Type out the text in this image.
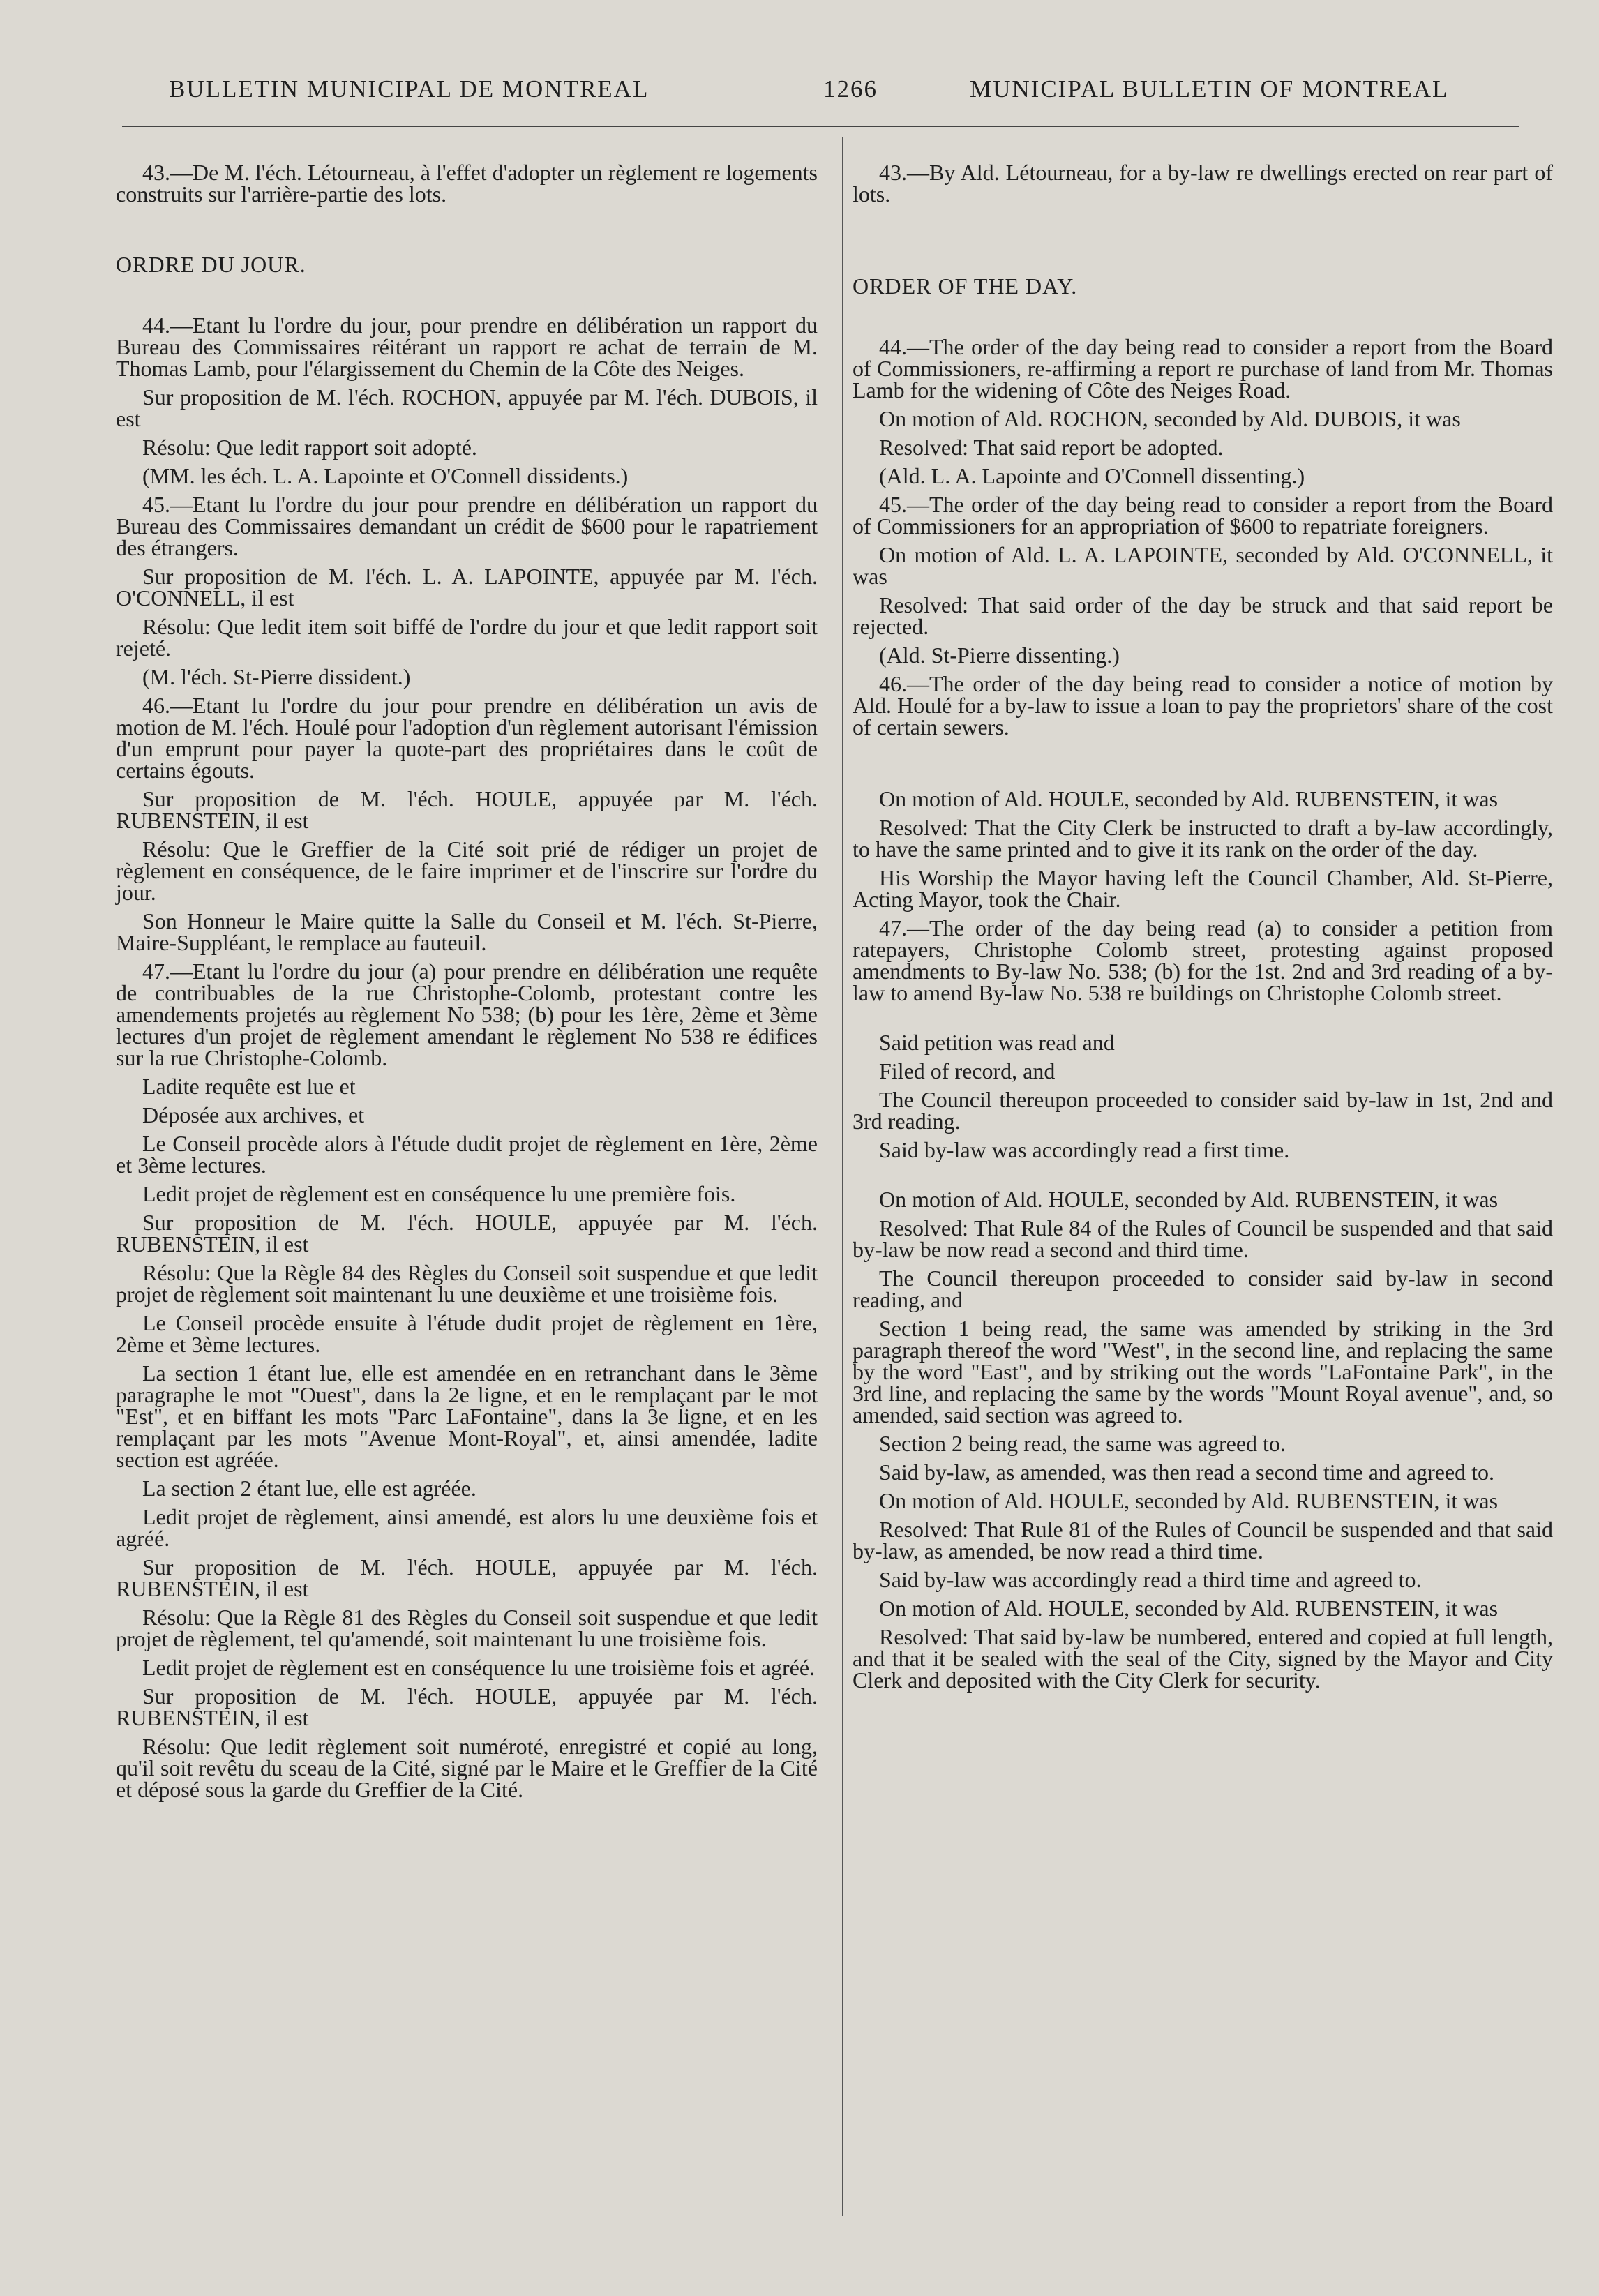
BULLETIN MUNICIPAL DE MONTREAL	1266	MUNICIPAL BULLETIN OF MONTREAL

43.—De M. l'éch. Létourneau, à l'effet d'adopter un règlement re logements construits sur l'arrière-partie des lots.

ORDRE DU JOUR.

44.—Etant lu l'ordre du jour, pour prendre en délibération un rapport du Bureau des Commissaires réitérant un rapport re achat de terrain de M. Thomas Lamb, pour l'élargissement du Chemin de la Côte des Neiges.

Sur proposition de M. l'éch. ROCHON, appuyée par M. l'éch. DUBOIS, il est

Résolu: Que ledit rapport soit adopté.

(MM. les éch. L. A. Lapointe et O'Connell dissidents.)

45.—Etant lu l'ordre du jour pour prendre en délibération un rapport du Bureau des Commissaires demandant un crédit de $600 pour le rapatriement des étrangers.

Sur proposition de M. l'éch. L. A. LAPOINTE, appuyée par M. l'éch. O'CONNELL, il est

Résolu: Que ledit item soit biffé de l'ordre du jour et que ledit rapport soit rejeté.

(M. l'éch. St-Pierre dissident.)

46.—Etant lu l'ordre du jour pour prendre en délibération un avis de motion de M. l'éch. Houlé pour l'adoption d'un règlement autorisant l'émission d'un emprunt pour payer la quote-part des propriétaires dans le coût de certains égouts.

Sur proposition de M. l'éch. HOULE, appuyée par M. l'éch. RUBENSTEIN, il est

Résolu: Que le Greffier de la Cité soit prié de rédiger un projet de règlement en conséquence, de le faire imprimer et de l'inscrire sur l'ordre du jour.

Son Honneur le Maire quitte la Salle du Conseil et M. l'éch. St-Pierre, Maire-Suppléant, le remplace au fauteuil.

47.—Etant lu l'ordre du jour (a) pour prendre en délibération une requête de contribuables de la rue Christophe-Colomb, protestant contre les amendements projetés au règlement No 538; (b) pour les 1ère, 2ème et 3ème lectures d'un projet de règlement amendant le règlement No 538 re édifices sur la rue Christophe-Colomb.

Ladite requête est lue et

Déposée aux archives, et

Le Conseil procède alors à l'étude dudit projet de règlement en 1ère, 2ème et 3ème lectures.

Ledit projet de règlement est en conséquence lu une première fois.

Sur proposition de M. l'éch. HOULE, appuyée par M. l'éch. RUBENSTEIN, il est

Résolu: Que la Règle 84 des Règles du Conseil soit suspendue et que ledit projet de règlement soit maintenant lu une deuxième et une troisième fois.

Le Conseil procède ensuite à l'étude dudit projet de règlement en 1ère, 2ème et 3ème lectures.

La section 1 étant lue, elle est amendée en en retranchant dans le 3ème paragraphe le mot "Ouest", dans la 2e ligne, et en le remplaçant par le mot "Est", et en biffant les mots "Parc LaFontaine", dans la 3e ligne, et en les remplaçant par les mots "Avenue Mont-Royal", et, ainsi amendée, ladite section est agréée.

La section 2 étant lue, elle est agréée.

Ledit projet de règlement, ainsi amendé, est alors lu une deuxième fois et agréé.

Sur proposition de M. l'éch. HOULE, appuyée par M. l'éch. RUBENSTEIN, il est

Résolu: Que la Règle 81 des Règles du Conseil soit suspendue et que ledit projet de règlement, tel qu'amendé, soit maintenant lu une troisième fois.

Ledit projet de règlement est en conséquence lu une troisième fois et agréé.

Sur proposition de M. l'éch. HOULE, appuyée par M. l'éch. RUBENSTEIN, il est

Résolu: Que ledit règlement soit numéroté, enregistré et copié au long, qu'il soit revêtu du sceau de la Cité, signé par le Maire et le Greffier de la Cité et déposé sous la garde du Greffier de la Cité.

43.—By Ald. Létourneau, for a by-law re dwellings erected on rear part of lots.

ORDER OF THE DAY.

44.—The order of the day being read to consider a report from the Board of Commissioners, re-affirming a report re purchase of land from Mr. Thomas Lamb for the widening of Côte des Neiges Road.

On motion of Ald. ROCHON, seconded by Ald. DUBOIS, it was

Resolved: That said report be adopted.

(Ald. L. A. Lapointe and O'Connell dissenting.)

45.—The order of the day being read to consider a report from the Board of Commissioners for an appropriation of $600 to repatriate foreigners.

On motion of Ald. L. A. LAPOINTE, seconded by Ald. O'CONNELL, it was

Resolved: That said order of the day be struck and that said report be rejected.

(Ald. St-Pierre dissenting.)

46.—The order of the day being read to consider a notice of motion by Ald. Houlé for a by-law to issue a loan to pay the proprietors' share of the cost of certain sewers.

On motion of Ald. HOULE, seconded by Ald. RUBENSTEIN, it was

Resolved: That the City Clerk be instructed to draft a by-law accordingly, to have the same printed and to give it its rank on the order of the day.

His Worship the Mayor having left the Council Chamber, Ald. St-Pierre, Acting Mayor, took the Chair.

47.—The order of the day being read (a) to consider a petition from ratepayers, Christophe Colomb street, protesting against proposed amendments to By-law No. 538; (b) for the 1st. 2nd and 3rd reading of a by-law to amend By-law No. 538 re buildings on Christophe Colomb street.

Said petition was read and

Filed of record, and

The Council thereupon proceeded to consider said by-law in 1st, 2nd and 3rd reading.

Said by-law was accordingly read a first time.

On motion of Ald. HOULE, seconded by Ald. RUBENSTEIN, it was

Resolved: That Rule 84 of the Rules of Council be suspended and that said by-law be now read a second and third time.

The Council thereupon proceeded to consider said by-law in second reading, and

Section 1 being read, the same was amended by striking in the 3rd paragraph thereof the word "West", in the second line, and replacing the same by the word "East", and by striking out the words "LaFontaine Park", in the 3rd line, and replacing the same by the words "Mount Royal avenue", and, so amended, said section was agreed to.

Section 2 being read, the same was agreed to.

Said by-law, as amended, was then read a second time and agreed to.

On motion of Ald. HOULE, seconded by Ald. RUBENSTEIN, it was

Resolved: That Rule 81 of the Rules of Council be suspended and that said by-law, as amended, be now read a third time.

Said by-law was accordingly read a third time and agreed to.

On motion of Ald. HOULE, seconded by Ald. RUBENSTEIN, it was

Resolved: That said by-law be numbered, entered and copied at full length, and that it be sealed with the seal of the City, signed by the Mayor and City Clerk and deposited with the City Clerk for security.
